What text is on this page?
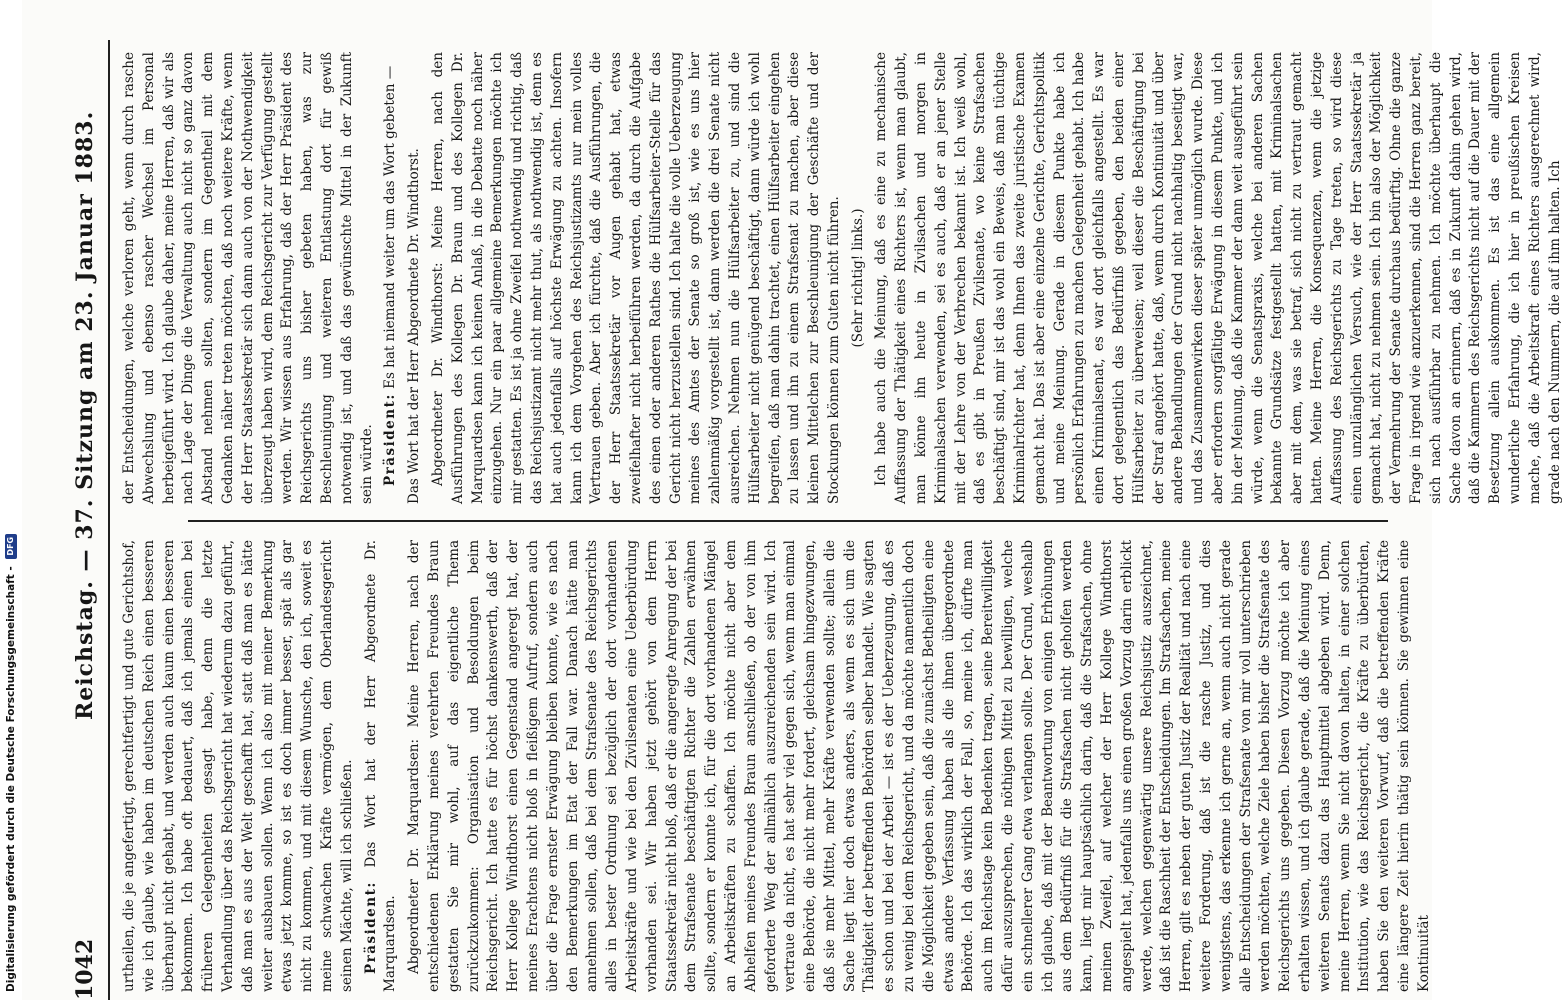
1042
Reichstag. — 37. Sitzung am 23. Januar 1883.

urtheilen, die je angefertigt, gerechtfertigt und gute Gerichtshof, wie ich glaube, wie haben im deutschen Reich einen besseren überhaupt nicht gehabt, und werden auch kaum einen besseren bekommen. Ich habe oft bedauert, daß ich jemals einen bei früheren Gelegenheiten gesagt habe, denn die letzte Verhandlung über das Reichsgericht hat wiederum dazu geführt, daß man es aus der Welt geschafft hat, statt daß man es hätte weiter ausbauen sollen. Wenn ich also mit meiner Bemerkung etwas jetzt komme, so ist es doch immer besser, spät als gar nicht zu kommen, und mit diesem Wunsche, den ich, soweit es meine schwachen Kräfte vermögen, dem Oberlandesgericht seinen Mächte, will ich schließen. Präsident: Das Wort hat der Herr Abgeordnete Dr. Marquardsen. Abgeordneter Dr. Marquardsen: Meine Herren, nach der entschiedenen Erklärung meines verehrten Freundes Braun gestatten Sie mir wohl, auf das eigentliche Thema zurückzukommen: Organisation und Besoldungen beim Reichsgericht. Ich hatte es für höchst dankenswerth, daß der Herr Kollege Windthorst einen Gegenstand angeregt hat, der meines Erachtens nicht bloß in fleißigem Aufruf, sondern auch über die Frage ernster Erwägung bleiben konnte, wie es nach den Bemerkungen im Etat der Fall war. Danach hätte man annehmen sollen, daß bei dem Strafsenate des Reichsgerichts alles in bester Ordnung sei bezüglich der dort vorhandenen Arbeitskräfte und wie bei den Zivilsenaten eine Ueberbürdung vorhanden sei. Wir haben jetzt gehört von dem Herrn Staatssekretär nicht bloß, daß er die angeregte Anregung der bei dem Strafsenate beschäftigten Richter die Zahlen erwähnen sollte, sondern er konnte ich, für die dort vorhandenen Mängel an Arbeitskräften zu schaffen. Ich möchte nicht aber dem Abhelfen meines Freundes Braun anschließen, ob der von ihm geforderte Weg der allmählich auszureichenden sein wird. Ich vertraue da nicht, es hat sehr viel gegen sich, wenn man einmal eine Behörde, die nicht mehr fordert, gleichsam hingezwungen, daß sie mehr Mittel, mehr Kräfte verwenden sollte; allein die Sache liegt hier doch etwas anders, als wenn es sich um die Thätigkeit der betreffenden Behörden selber handelt. Wie sagten es schon und bei der Arbeit — ist es der Ueberzeugung, daß es zu wenig bei dem Reichsgericht, und da möchte namentlich doch die Möglichkeit gegeben sein, daß die zunächst Betheiligten eine etwas andere Verfassung haben als die ihnen übergeordnete Behörde. Ich das wirklich der Fall, so, meine ich, dürfte man auch im Reichstage kein Bedenken tragen, seine Bereitwilligkeit dafür auszusprechen, die nöthigen Mittel zu bewilligen, welche ein schnellerer Gang etwa verlangen sollte. Der Grund, weshalb ich glaube, daß mit der Beantwortung von einigen Erhöhungen aus dem Bedürfniß für die Strafsachen nicht geholfen werden kann, liegt mir hauptsächlich darin, daß die Strafsachen, ohne meinen Zweifel, auf welcher der Herr Kollege Windthorst angespielt hat, jedenfalls uns einen großen Vorzug darin erblickt werde, welchen gegenwärtig unsere Reichsjustiz auszeichnet, daß ist die Raschheit der Entscheidungen. Im Strafsachen, meine Herren, gilt es neben der guten Justiz der Realität und nach eine weitere Forderung, daß ist die rasche Justiz, und dies wenigstens, das erkenne ich gerne an, wenn auch nicht gerade alle Entscheidungen der Strafsenate von mir voll unterschrieben werden möchten, welche Ziele haben bisher die Strafsenate des Reichsgerichts uns gegeben. Diesen Vorzug möchte ich aber erhalten wissen, und ich glaube gerade, daß die Meinung eines weiteren Senats dazu das Hauptmittel abgeben wird. Denn, meine Herren, wenn Sie nicht davon halten, in einer solchen Institution, wie das Reichsgericht, die Kräfte zu überbürden, haben Sie den weiteren Vorwurf, daß die betreffenden Kräfte eine längere Zeit hierin thätig sein können. Sie gewinnen eine Kontinuität

der Entscheidungen, welche verloren geht, wenn durch rasche Abwechslung und ebenso rascher Wechsel im Personal herbeigeführt wird. Ich glaube daher, meine Herren, daß wir als nach Lage der Dinge die Verwaltung auch nicht so ganz davon Abstand nehmen sollten, sondern im Gegentheil mit dem Gedanken näher treten möchten, daß noch weitere Kräfte, wenn der Herr Staatssekretär sich dann auch von der Nothwendigkeit überzeugt haben wird, dem Reichsgericht zur Verfügung gestellt werden. Wir wissen aus Erfahrung, daß der Herr Präsident des Reichsgerichts uns bisher gebeten haben, was zur Beschleunigung und weiteren Entlastung dort für gewiß notwendig ist, und daß das gewünschte Mittel in der Zukunft sein würde. Präsident: Es hat niemand weiter um das Wort gebeten — Das Wort hat der Herr Abgeordnete Dr. Windthorst. Abgeordneter Dr. Windthorst: Meine Herren, nach den Ausführungen des Kollegen Dr. Braun und des Kollegen Dr. Marquardsen kann ich keinen Anlaß, in die Debatte noch näher einzugehen. Nur ein paar allgemeine Bemerkungen möchte ich mir gestatten. Es ist ja ohne Zweifel nothwendig und richtig, daß das Reichsjustizamt nicht mehr thut, als nothwendig ist, denn es hat auch jedenfalls auf höchste Erwägung zu achten. Insofern kann ich dem Vorgehen des Reichsjustizamts nur mein volles Vertrauen geben. Aber ich fürchte, daß die Ausführungen, die der Herr Staatssekretär vor Augen gehabt hat, etwas zweifelhafter nicht herbeiführen werden, da durch die Aufgabe des einen oder anderen Rathes die Hülfsarbeiter-Stelle für das Gericht nicht herzustellen sind. Ich halte die volle Ueberzeugung meines des Amtes der Senate so groß ist, wie es uns hier zahlenmäßig vorgestellt ist, dann werden die drei Senate nicht ausreichen. Nehmen nun die Hülfsarbeiter zu, und sind die Hülfsarbeiter nicht genügend beschäftigt, dann würde ich wohl begreifen, daß man dahin trachtet, einen Hülfsarbeiter eingehen zu lassen und ihn zu einem Strafsenat zu machen, aber diese kleinen Mittelchen zur Beschleunigung der Geschäfte und der Stockungen können zum Guten nicht führen. (Sehr richtig! links.) Ich habe auch die Meinung, daß es eine zu mechanische Auffassung der Thätigkeit eines Richters ist, wenn man glaubt, man könne ihn heute in Zivilsachen und morgen in Kriminalsachen verwenden, sei es auch, daß er an jener Stelle mit der Lehre von der Verbrechen bekannt ist. Ich weiß wohl, daß es gibt in Preußen Zivilsenate, wo keine Strafsachen beschäftigt sind, mir ist das wohl ein Beweis, daß man tüchtige Kriminalrichter hat, denn Ihnen das zweite juristische Examen gemacht hat. Das ist aber eine einzelne Gerichte, Gerichtspolitik und meine Meinung. Gerade in diesem Punkte habe ich persönlich Erfahrungen zu machen Gelegenheit gehabt. Ich habe einen Kriminalsenat, es war dort gleichfalls angestellt. Es war dort gelegentlich das Bedürfniß gegeben, den beiden einer Hülfsarbeiter zu überweisen; weil dieser die Beschäftigung bei der Straf angehört hatte, daß, wenn durch Kontinuität und über andere Behandlungen der Grund nicht nachhaltig beseitigt war, und das Zusammenwirken dieser später unmöglich wurde. Diese aber erfordern sorgfältige Erwägung in diesem Punkte, und ich bin der Meinung, daß die Kammer der dann weit ausgeführt sein würde, wenn die Senatspraxis, welche bei anderen Sachen bekannte Grundsätze festgestellt hatten, mit Kriminalsachen aber mit dem, was sie betraf, sich nicht zu vertraut gemacht hatten. Meine Herren, die Konsequenzen, wenn die jetzige Auffassung des Reichsgerichts zu Tage treten, so wird diese einen unzulänglichen Versuch, wie der Herr Staatssekretär ja gemacht hat, nicht zu nehmen sein. Ich bin also der Möglichkeit der Vermehrung der Senate durchaus bedürftig. Ohne die ganze Frage in irgend wie anzuerkennen, sind die Herren ganz bereit, sich nach ausführbar zu nehmen. Ich möchte überhaupt die Sache davon an erinnern, daß es in Zukunft dahin gehen wird, daß die Kammern des Reichsgerichts nicht auf die Dauer mit der Besetzung allein auskommen. Es ist das eine allgemein wunderliche Erfahrung, die ich hier in preußischen Kreisen mache, daß die Arbeitskraft eines Richters ausgerechnet wird, grade nach den Nummern, die auf ihm halten. Ich

Digitalisierung gefördert durch die Deutsche Forschungsgemeinschaft - DFG
